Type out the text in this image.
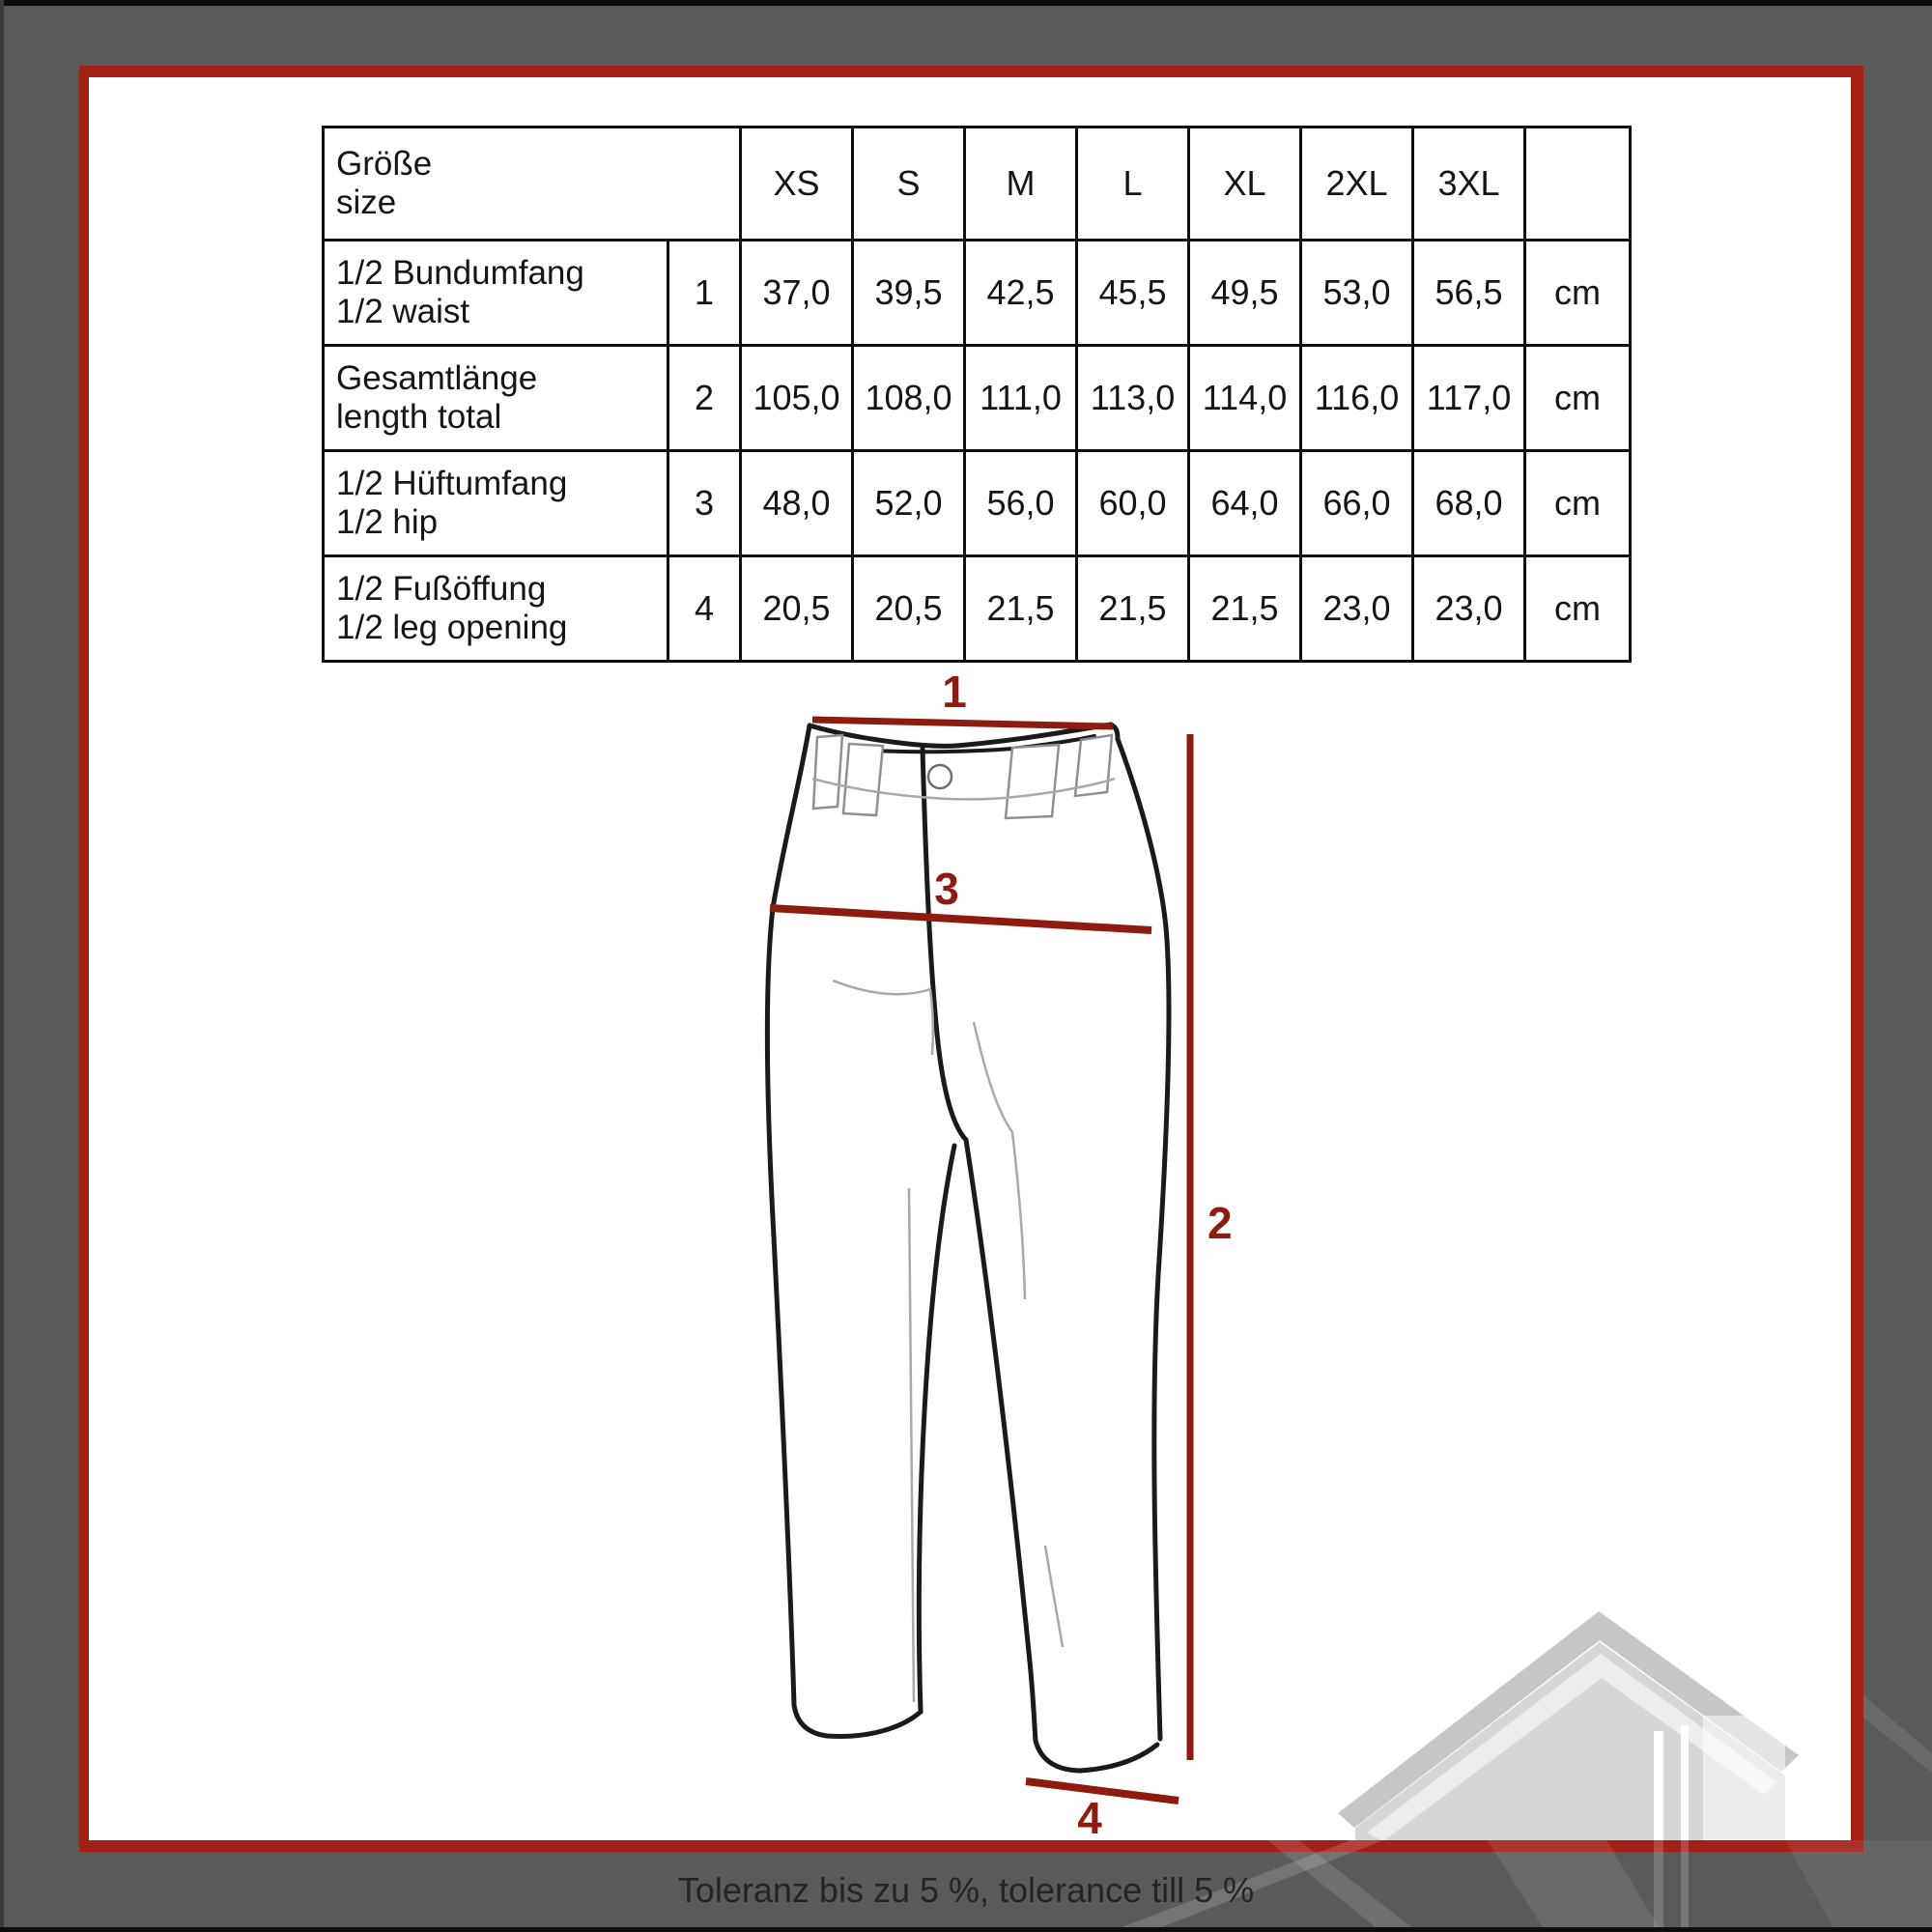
Größe
size		XS	S	M	L	XL	2XL	3XL	

1/2 Bundumfang
1/2 waist	1	37,0	39,5	42,5	45,5	49,5	53,0	56,5	cm

Gesamtlänge
length total	2	105,0	108,0	111,0	113,0	114,0	116,0	117,0	cm

1/2 Hüftumfang
1/2 hip	3	48,0	52,0	56,0	60,0	64,0	66,0	68,0	cm

1/2 Fußöffung
1/2 leg opening	4	20,5	20,5	21,5	21,5	21,5	23,0	23,0	cm
1
2
3
4
Toleranz bis zu 5 %, tolerance till 5 %
